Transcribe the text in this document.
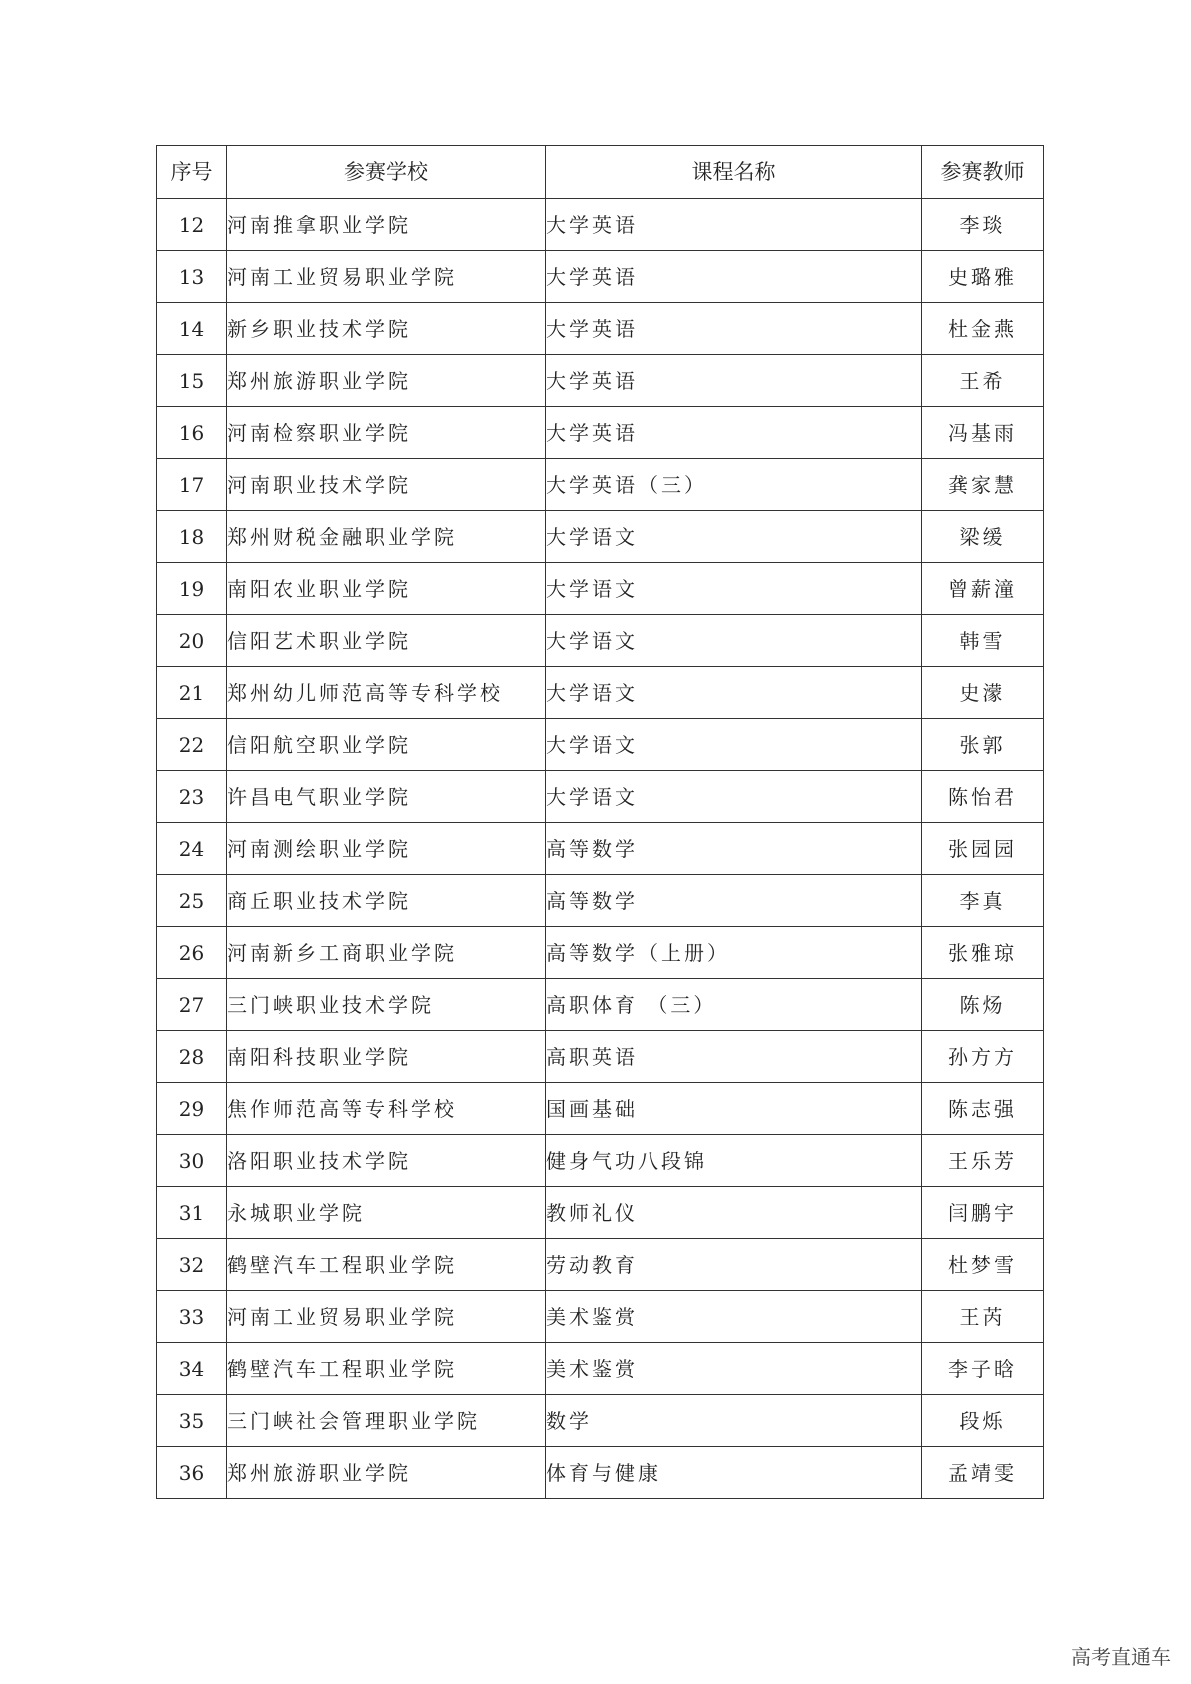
序号	参赛学校	课程名称	参赛教师
12	河南推拿职业学院	大学英语	李琰
13	河南工业贸易职业学院	大学英语	史璐雅
14	新乡职业技术学院	大学英语	杜金燕
15	郑州旅游职业学院	大学英语	王希
16	河南检察职业学院	大学英语	冯基雨
17	河南职业技术学院	大学英语（三）	龚家慧
18	郑州财税金融职业学院	大学语文	梁缓
19	南阳农业职业学院	大学语文	曾薪潼
20	信阳艺术职业学院	大学语文	韩雪
21	郑州幼儿师范高等专科学校	大学语文	史濛
22	信阳航空职业学院	大学语文	张郭
23	许昌电气职业学院	大学语文	陈怡君
24	河南测绘职业学院	高等数学	张园园
25	商丘职业技术学院	高等数学	李真
26	河南新乡工商职业学院	高等数学（上册）	张雅琼
27	三门峡职业技术学院	高职体育 （三）	陈炀
28	南阳科技职业学院	高职英语	孙方方
29	焦作师范高等专科学校	国画基础	陈志强
30	洛阳职业技术学院	健身气功八段锦	王乐芳
31	永城职业学院	教师礼仪	闫鹏宇
32	鹤壁汽车工程职业学院	劳动教育	杜梦雪
33	河南工业贸易职业学院	美术鉴赏	王芮
34	鹤壁汽车工程职业学院	美术鉴赏	李子晗
35	三门峡社会管理职业学院	数学	段烁
36	郑州旅游职业学院	体育与健康	孟靖雯
高考直通车
